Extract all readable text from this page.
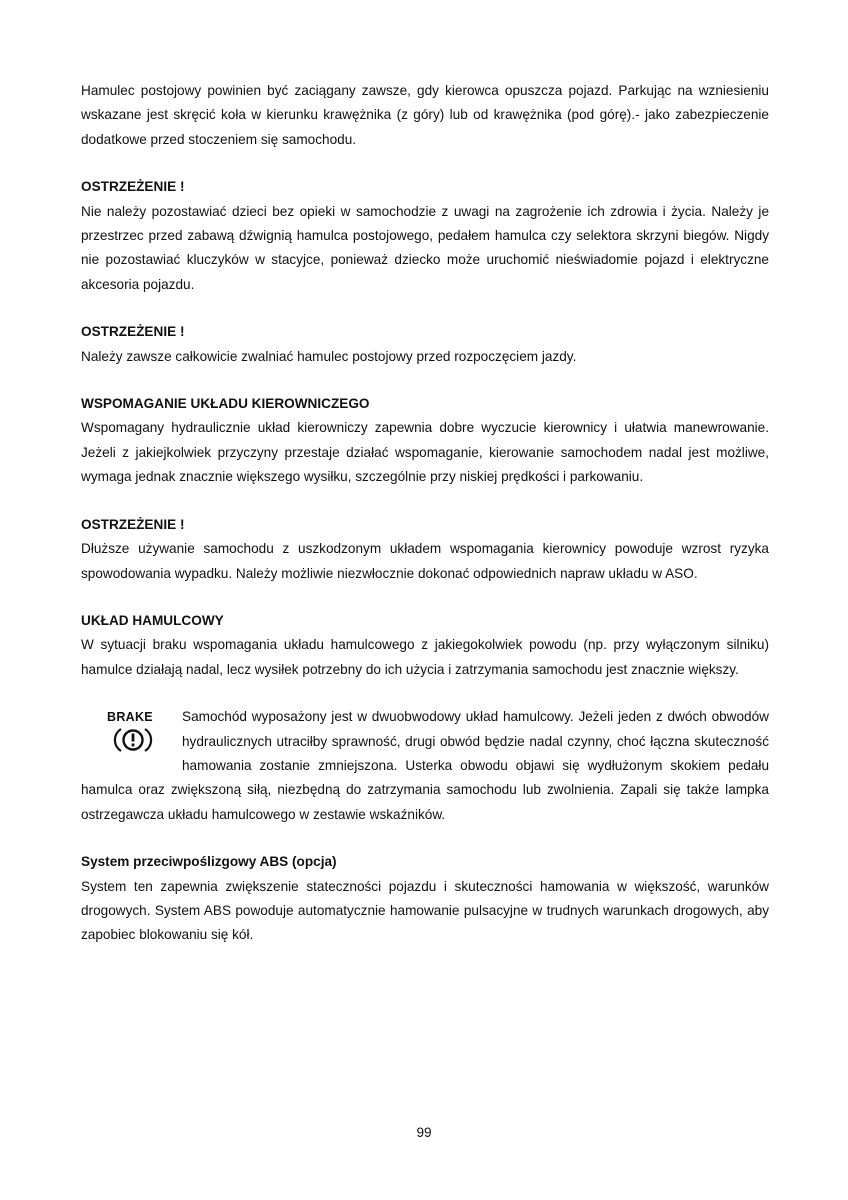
Hamulec postojowy powinien być zaciągany zawsze, gdy kierowca opuszcza pojazd. Parkując na wzniesieniu wskazane jest skręcić koła w kierunku krawężnika (z góry) lub od krawężnika (pod górę).- jako zabezpieczenie dodatkowe przed stoczeniem się samochodu.

OSTRZEŻENIE !

Nie należy pozostawiać dzieci bez opieki w samochodzie z uwagi na zagrożenie ich zdrowia i życia. Należy je przestrzec przed zabawą dźwignią hamulca postojowego, pedałem hamulca czy selektora skrzyni biegów. Nigdy nie pozostawiać kluczyków w stacyjce, ponieważ dziecko może uruchomić nieświadomie pojazd i elektryczne akcesoria pojazdu.

OSTRZEŻENIE !

Należy zawsze całkowicie zwalniać hamulec postojowy przed rozpoczęciem jazdy.

WSPOMAGANIE UKŁADU KIEROWNICZEGO

Wspomagany hydraulicznie układ kierowniczy zapewnia dobre wyczucie kierownicy i ułatwia manewrowanie. Jeżeli z jakiejkolwiek przyczyny przestaje działać wspomaganie, kierowanie samochodem nadal jest możliwe, wymaga jednak znacznie większego wysiłku, szczególnie przy niskiej prędkości i parkowaniu.

OSTRZEŻENIE !

Dłuższe używanie samochodu z uszkodzonym układem wspomagania kierownicy powoduje wzrost ryzyka spowodowania wypadku. Należy możliwie niezwłocznie dokonać odpowiednich napraw układu w ASO.

UKŁAD HAMULCOWY

W sytuacji braku wspomagania układu hamulcowego z jakiegokolwiek powodu (np. przy wyłączonym silniku) hamulce działają nadal, lecz wysiłek potrzebny do ich użycia i zatrzymania samochodu jest znacznie większy.

BRAKE	Samochód wyposażony jest w dwuobwodowy układ hamulcowy. Jeżeli jeden z dwóch obwodów hydraulicznych utraciłby sprawność, drugi obwód będzie nadal czynny, choć łączna skuteczność hamowania zostanie zmniejszona. Usterka obwodu objawi się wydłużonym skokiem pedału hamulca oraz zwiększoną siłą, niezbędną do zatrzymania samochodu lub zwolnienia. Zapali się także lampka ostrzegawcza układu hamulcowego w zestawie wskaźników.

System przeciwpoślizgowy ABS (opcja)

System ten zapewnia zwiększenie stateczności pojazdu i skuteczności hamowania w większość, warunków drogowych. System ABS powoduje automatycznie hamowanie pulsacyjne w trudnych warunkach drogowych, aby zapobiec blokowaniu się kół.

99
